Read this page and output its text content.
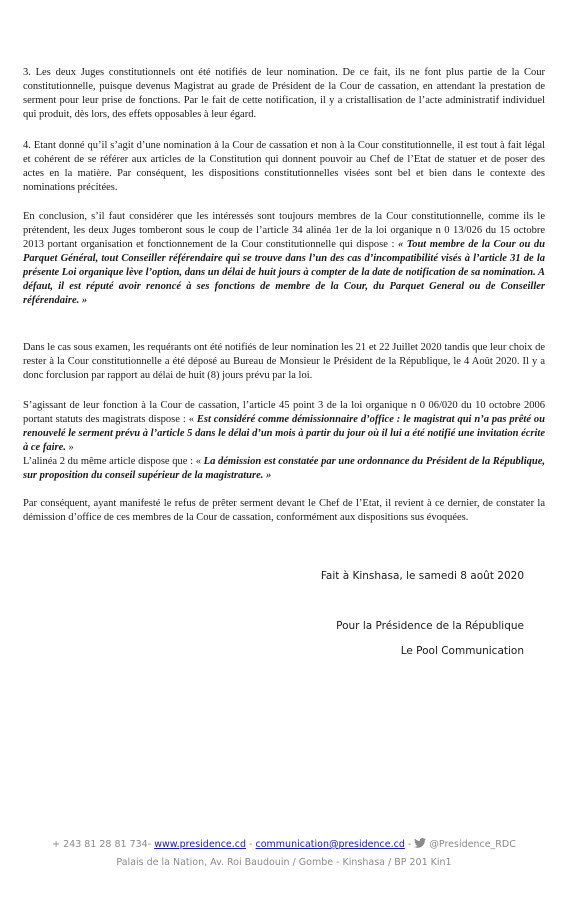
3. Les deux Juges constitutionnels ont été notifiés de leur nomination. De ce fait, ils ne font plus partie de la Cour constitutionnelle, puisque devenus Magistrat au grade de Président de la Cour de cassation, en attendant la prestation de serment pour leur prise de fonctions. Par le fait de cette notification, il y a cristallisation de l’acte administratif individuel qui produit, dès lors, des effets opposables à leur égard.

4. Etant donné qu’il s’agit d’une nomination à la Cour de cassation et non à la Cour constitutionnelle, il est tout à fait légal et cohérent de se référer aux articles de la Constitution qui donnent pouvoir au Chef de l’Etat de statuer et de poser des actes en la matière. Par conséquent, les dispositions constitutionnelles visées sont bel et bien dans le contexte des nominations précitées.

En conclusion, s’il faut considérer que les intéressés sont toujours membres de la Cour constitutionnelle, comme ils le prétendent, les deux Juges tomberont sous le coup de l’article 34 alinéa 1er de la loi organique n 0 13/026 du 15 octobre 2013 portant organisation et fonctionnement de la Cour constitutionnelle qui dispose : « Tout membre de la Cour ou du Parquet Général, tout Conseiller référendaire qui se trouve dans l’un des cas d’incompatibilité visés à l’article 31 de la présente Loi organique lève l’option, dans un délai de huit jours à compter de la date de notification de sa nomination. A défaut, il est réputé avoir renoncé à ses fonctions de membre de la Cour, du Parquet General ou de Conseiller référendaire. »

Dans le cas sous examen, les requérants ont été notifiés de leur nomination les 21 et 22 Juillet 2020 tandis que leur choix de rester à la Cour constitutionnelle a été déposé au Bureau de Monsieur le Président de la République, le 4 Août 2020. Il y a donc forclusion par rapport au délai de huit (8) jours prévu par la loi.

S’agissant de leur fonction à la Cour de cassation, l’article 45 point 3 de la loi organique n 0 06/020 du 10 octobre 2006 portant statuts des magistrats dispose : « Est considéré comme démissionnaire d’office : le magistrat qui n’a pas prêté ou renouvelé le serment prévu à l’article 5 dans le délai d’un mois à partir du jour où il lui a été notifié une invitation écrite à ce faire. »

L’alinéa 2 du même article dispose que : « La démission est constatée par une ordonnance du Président de la République, sur proposition du conseil supérieur de la magistrature. »

Par conséquent, ayant manifesté le refus de prêter serment devant le Chef de l’Etat, il revient à ce dernier, de constater la démission d’office de ces membres de la Cour de cassation, conformément aux dispositions sus évoquées.

Fait à Kinshasa, le samedi 8 août 2020
Pour la Présidence de la République
Le Pool Communication
+ 243 81 28 81 734- www.presidence.cd - communication@presidence.cd -  @Presidence_RDC
Palais de la Nation, Av. Roi Baudouin / Gombe - Kinshasa / BP 201 Kin1
